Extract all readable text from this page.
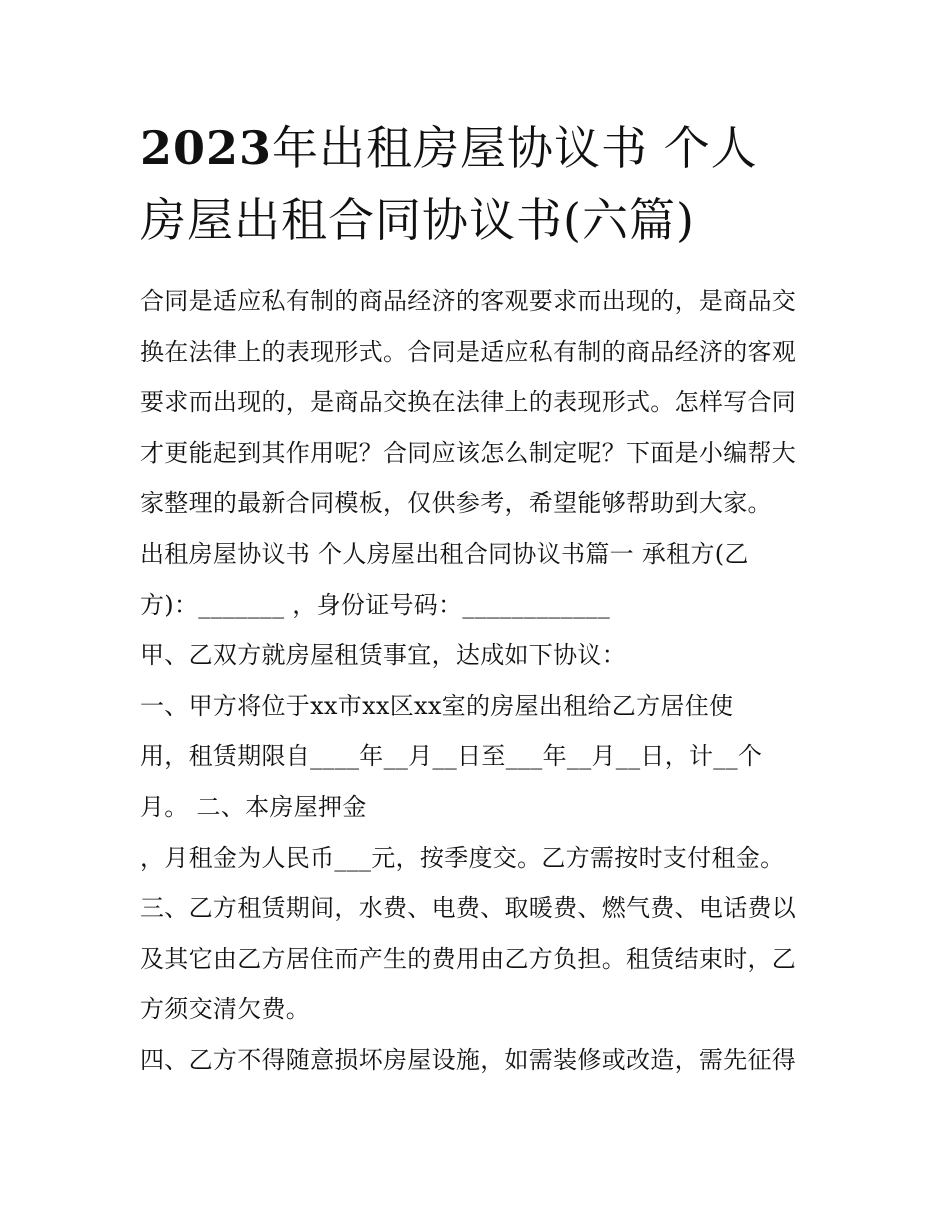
2023年出租房屋协议书 个人
房屋出租合同协议书(六篇)
合同是适应私有制的商品经济的客观要求而出现的，是商品交
换在法律上的表现形式。合同是适应私有制的商品经济的客观
要求而出现的，是商品交换在法律上的表现形式。怎样写合同
才更能起到其作用呢？合同应该怎么制定呢？下面是小编帮大
家整理的最新合同模板，仅供参考，希望能够帮助到大家。
出租房屋协议书 个人房屋出租合同协议书篇一 承租方(乙
方)：_______ ，身份证号码：____________
甲、乙双方就房屋租赁事宜，达成如下协议：
一、甲方将位于xx市xx区xx室的房屋出租给乙方居住使
用，租赁期限自____年__月__日至___年__月__日，计__个
月。 二、本房屋押金
，月租金为人民币___元，按季度交。乙方需按时支付租金。
三、乙方租赁期间，水费、电费、取暖费、燃气费、电话费以
及其它由乙方居住而产生的费用由乙方负担。租赁结束时，乙
方须交清欠费。
四、乙方不得随意损坏房屋设施，如需装修或改造，需先征得
